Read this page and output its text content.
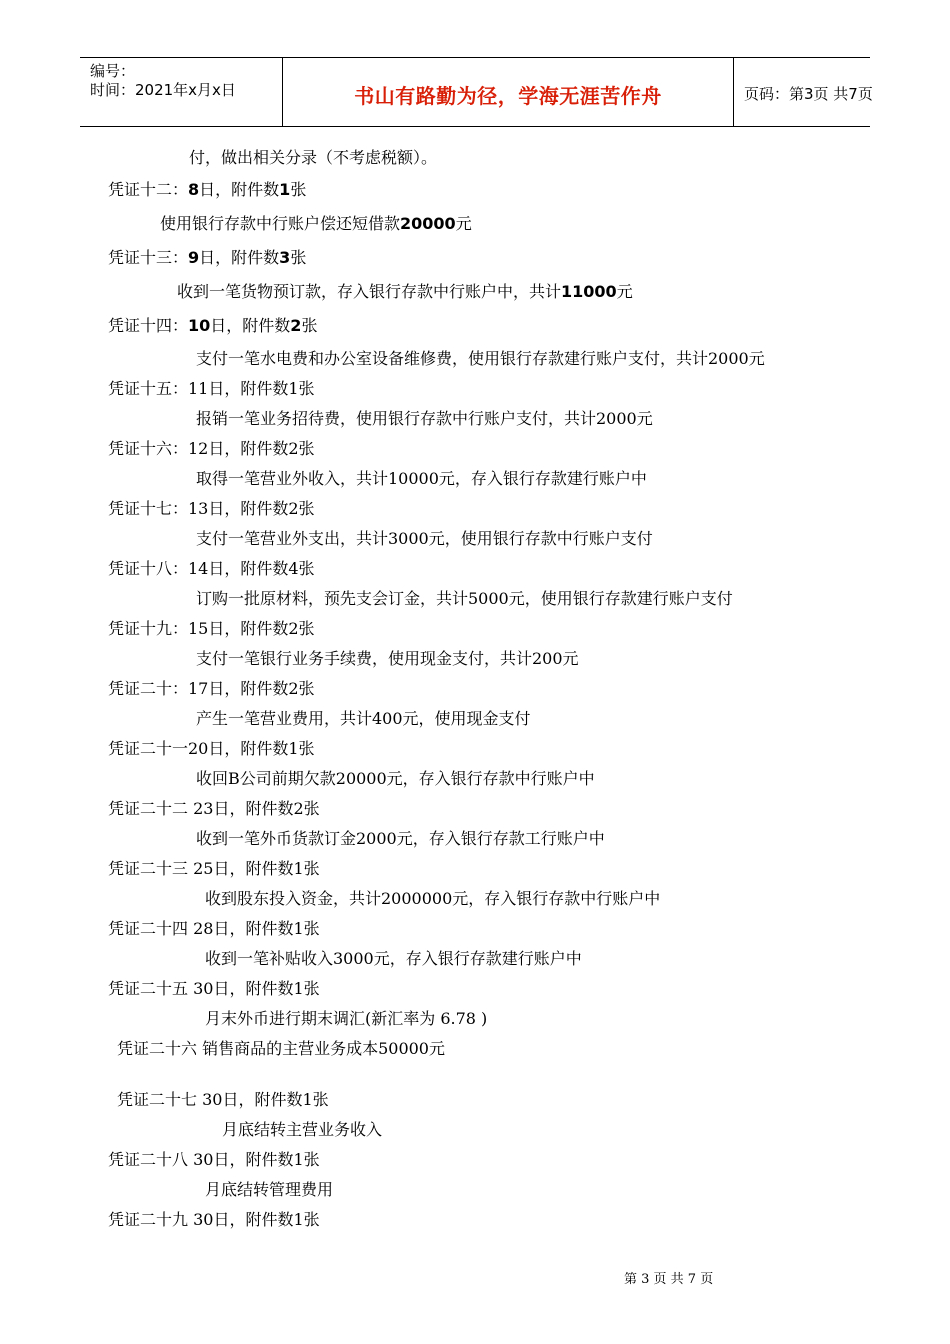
编号：
时间：2021年x月x日	书山有路勤为径，学海无涯苦作舟	页码：第3页 共7页
付，做出相关分录（不考虑税额）。
凭证十二：8日，附件数1张
使用银行存款中行账户偿还短借款20000元
凭证十三：9日，附件数3张
收到一笔货物预订款，存入银行存款中行账户中，共计11000元
凭证十四：10日，附件数2张
支付一笔水电费和办公室设备维修费，使用银行存款建行账户支付，共计2000元
凭证十五：11日，附件数1张
报销一笔业务招待费，使用银行存款中行账户支付，共计2000元
凭证十六：12日，附件数2张
取得一笔营业外收入，共计10000元，存入银行存款建行账户中
凭证十七：13日，附件数2张
支付一笔营业外支出，共计3000元，使用银行存款中行账户支付
凭证十八：14日，附件数4张
订购一批原材料，预先支会订金，共计5000元，使用银行存款建行账户支付
凭证十九：15日，附件数2张
支付一笔银行业务手续费，使用现金支付，共计200元
凭证二十：17日，附件数2张
产生一笔营业费用，共计400元，使用现金支付
凭证二十一20日，附件数1张
收回B公司前期欠款20000元，存入银行存款中行账户中
凭证二十二 23日，附件数2张
收到一笔外币货款订金2000元，存入银行存款工行账户中
凭证二十三 25日，附件数1张
收到股东投入资金，共计2000000元，存入银行存款中行账户中
凭证二十四 28日，附件数1张
收到一笔补贴收入3000元，存入银行存款建行账户中
凭证二十五 30日，附件数1张
月末外币进行期末调汇(新汇率为 6.78 )
凭证二十六 销售商品的主营业务成本50000元
凭证二十七 30日，附件数1张
月底结转主营业务收入
凭证二十八 30日，附件数1张
月底结转管理费用
凭证二十九 30日，附件数1张
第 3 页 共 7 页
